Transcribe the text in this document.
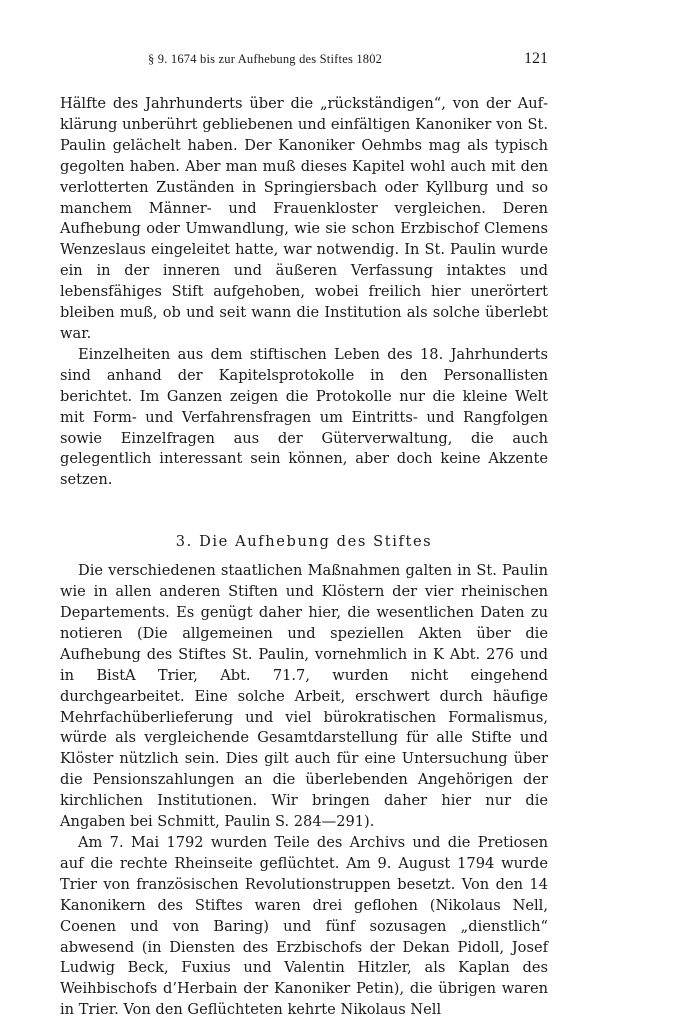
§ 9. 1674 bis zur Aufhebung des Stiftes 1802	121

Hälfte des Jahrhunderts über die „rückständigen“, von der Aufklärung unberührt gebliebenen und einfältigen Kanoniker von St. Paulin gelächelt haben. Der Kanoniker Oehmbs mag als typisch gegolten haben. Aber man muß dieses Kapitel wohl auch mit den verlotterten Zuständen in Springiersbach oder Kyllburg und so manchem Männer- und Frauenkloster vergleichen. Deren Aufhebung oder Umwandlung, wie sie schon Erzbischof Clemens Wenzeslaus eingeleitet hatte, war notwendig. In St. Paulin wurde ein in der inneren und äußeren Verfassung intaktes und lebensfähiges Stift aufgehoben, wobei freilich hier unerörtert bleiben muß, ob und seit wann die Institution als solche überlebt war.

Einzelheiten aus dem stiftischen Leben des 18. Jahrhunderts sind anhand der Kapitelsprotokolle in den Personallisten berichtet. Im Ganzen zeigen die Protokolle nur die kleine Welt mit Form- und Verfahrensfragen um Eintritts- und Rangfolgen sowie Einzelfragen aus der Güterverwaltung, die auch gelegentlich interessant sein können, aber doch keine Akzente setzen.

3. Die Aufhebung des Stiftes

Die verschiedenen staatlichen Maßnahmen galten in St. Paulin wie in allen anderen Stiften und Klöstern der vier rheinischen Departements. Es genügt daher hier, die wesentlichen Daten zu notieren (Die allgemeinen und speziellen Akten über die Aufhebung des Stiftes St. Paulin, vornehmlich in K Abt. 276 und in BistA Trier, Abt. 71.7, wurden nicht eingehend durchgearbeitet. Eine solche Arbeit, erschwert durch häufige Mehrfachüberlieferung und viel bürokratischen Formalismus, würde als vergleichende Gesamtdarstellung für alle Stifte und Klöster nützlich sein. Dies gilt auch für eine Untersuchung über die Pensionszahlungen an die überlebenden Angehörigen der kirchlichen Institutionen. Wir bringen daher hier nur die Angaben bei Schmitt, Paulin S. 284—291).

Am 7. Mai 1792 wurden Teile des Archivs und die Pretiosen auf die rechte Rheinseite geflüchtet. Am 9. August 1794 wurde Trier von französischen Revolutionstruppen besetzt. Von den 14 Kanonikern des Stiftes waren drei geflohen (Nikolaus Nell, Coenen und von Baring) und fünf sozusagen „dienstlich“ abwesend (in Diensten des Erzbischofs der Dekan Pidoll, Josef Ludwig Beck, Fuxius und Valentin Hitzler, als Kaplan des Weihbischofs d’Herbain der Kanoniker Petin), die übrigen waren in Trier. Von den Geflüchteten kehrte Nikolaus Nell
